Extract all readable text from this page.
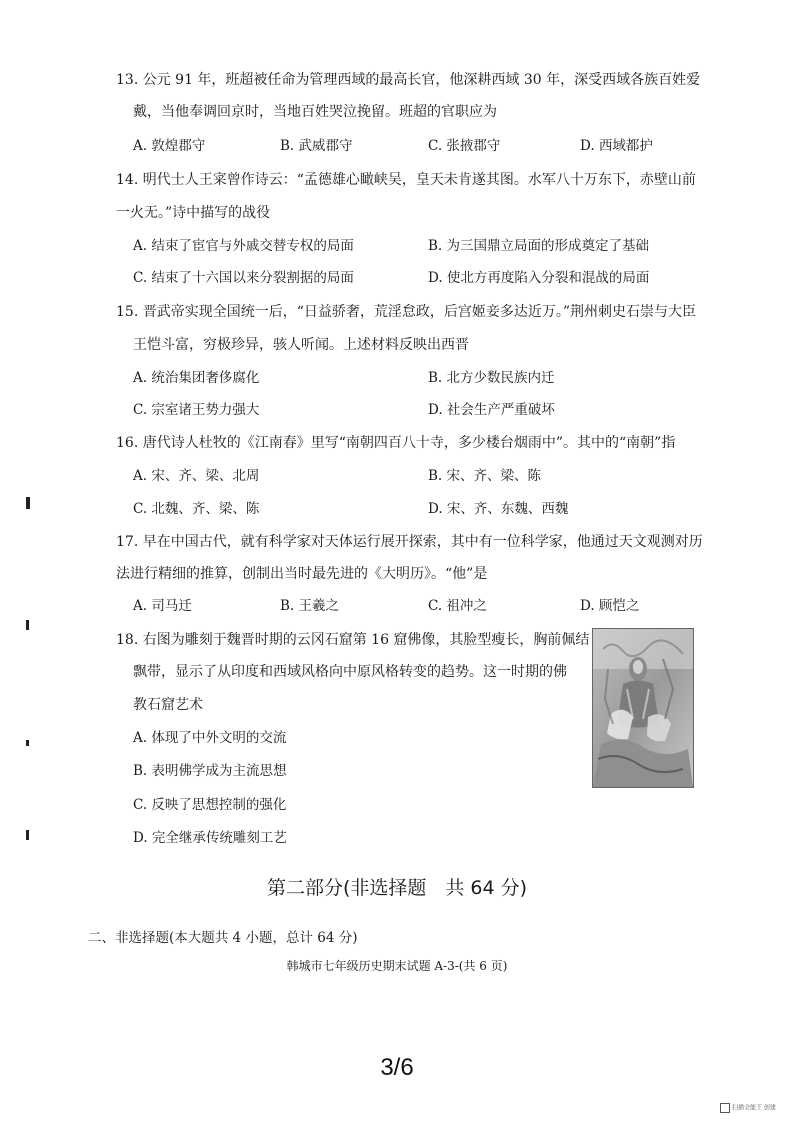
13. 公元 91 年，班超被任命为管理西域的最高长官，他深耕西域 30 年，深受西域各族百姓爱
戴，当他奉调回京时，当地百姓哭泣挽留。班超的官职应为
A. 敦煌郡守	B. 武威郡守	C. 张掖郡守	D. 西域都护
14. 明代士人王寀曾作诗云：“孟德雄心瞰峡吴，皇天未肯遂其图。水军八十万东下，赤壁山前
一火无。”诗中描写的战役
A. 结束了宦官与外戚交替专权的局面	B. 为三国鼎立局面的形成奠定了基础
C. 结束了十六国以来分裂割据的局面	D. 使北方再度陷入分裂和混战的局面
15. 晋武帝实现全国统一后，“日益骄奢，荒淫怠政，后宫姬妾多达近万。”荆州刺史石崇与大臣
王恺斗富，穷极珍异，骇人听闻。上述材料反映出西晋
A. 统治集团奢侈腐化	B. 北方少数民族内迁
C. 宗室诸王势力强大	D. 社会生产严重破坏
16. 唐代诗人杜牧的《江南春》里写“南朝四百八十寺，多少楼台烟雨中”。其中的“南朝”指
A. 宋、齐、梁、北周	B. 宋、齐、梁、陈
C. 北魏、齐、梁、陈	D. 宋、齐、东魏、西魏
17. 早在中国古代，就有科学家对天体运行展开探索，其中有一位科学家，他通过天文观测对历
法进行精细的推算，创制出当时最先进的《大明历》。“他”是
A. 司马迁	B. 王羲之	C. 祖冲之	D. 顾恺之
18. 右图为雕刻于魏晋时期的云冈石窟第 16 窟佛像，其脸型瘦长，胸前佩结
飘带，显示了从印度和西域风格向中原风格转变的趋势。这一时期的佛
教石窟艺术
A. 体现了中外文明的交流
B. 表明佛学成为主流思想
C. 反映了思想控制的强化
D. 完全继承传统雕刻工艺
第二部分(非选择题　共 64 分)
二、非选择题(本大题共 4 小题，总计 64 分)
韩城市七年级历史期末试题 A-3-(共 6 页)
3/6
扫描全能王 创建
